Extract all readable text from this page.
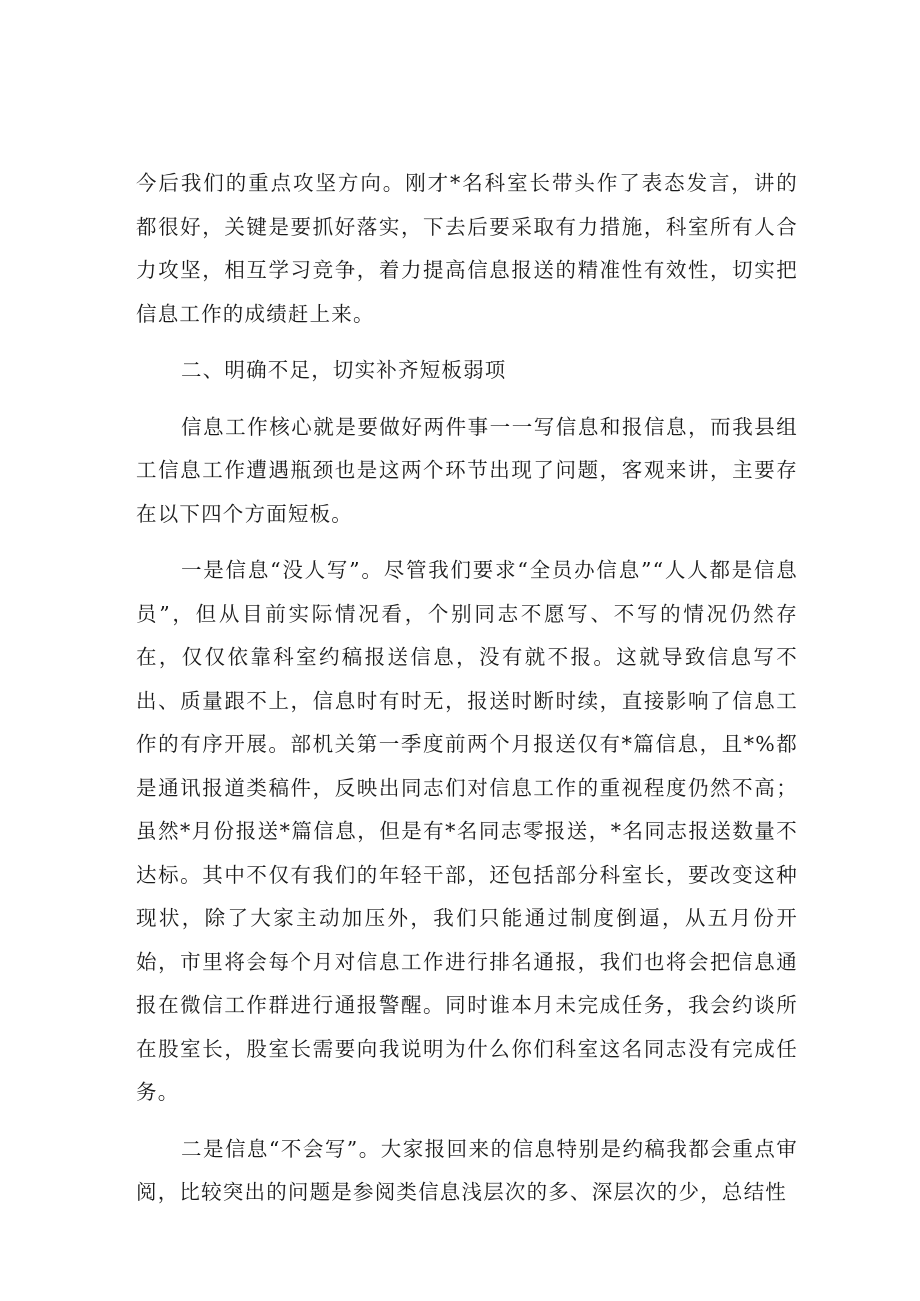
今后我们的重点攻坚方向。刚才*名科室长带头作了表态发言，讲的都很好，关键是要抓好落实，下去后要采取有力措施，科室所有人合力攻坚，相互学习竞争，着力提高信息报送的精准性有效性，切实把信息工作的成绩赶上来。

二、明确不足，切实补齐短板弱项

信息工作核心就是要做好两件事一一写信息和报信息，而我县组工信息工作遭遇瓶颈也是这两个环节出现了问题，客观来讲，主要存在以下四个方面短板。

一是信息“没人写”。尽管我们要求“全员办信息”“人人都是信息员”，但从目前实际情况看，个别同志不愿写、不写的情况仍然存在，仅仅依靠科室约稿报送信息，没有就不报。这就导致信息写不出、质量跟不上，信息时有时无，报送时断时续，直接影响了信息工作的有序开展。部机关第一季度前两个月报送仅有*篇信息，且*%都是通讯报道类稿件，反映出同志们对信息工作的重视程度仍然不高；虽然*月份报送*篇信息，但是有*名同志零报送，*名同志报送数量不达标。其中不仅有我们的年轻干部，还包括部分科室长，要改变这种现状，除了大家主动加压外，我们只能通过制度倒逼，从五月份开始，市里将会每个月对信息工作进行排名通报，我们也将会把信息通报在微信工作群进行通报警醒。同时谁本月未完成任务，我会约谈所在股室长，股室长需要向我说明为什么你们科室这名同志没有完成任务。

二是信息“不会写”。大家报回来的信息特别是约稿我都会重点审阅，比较突出的问题是参阅类信息浅层次的多、深层次的少，总结性
